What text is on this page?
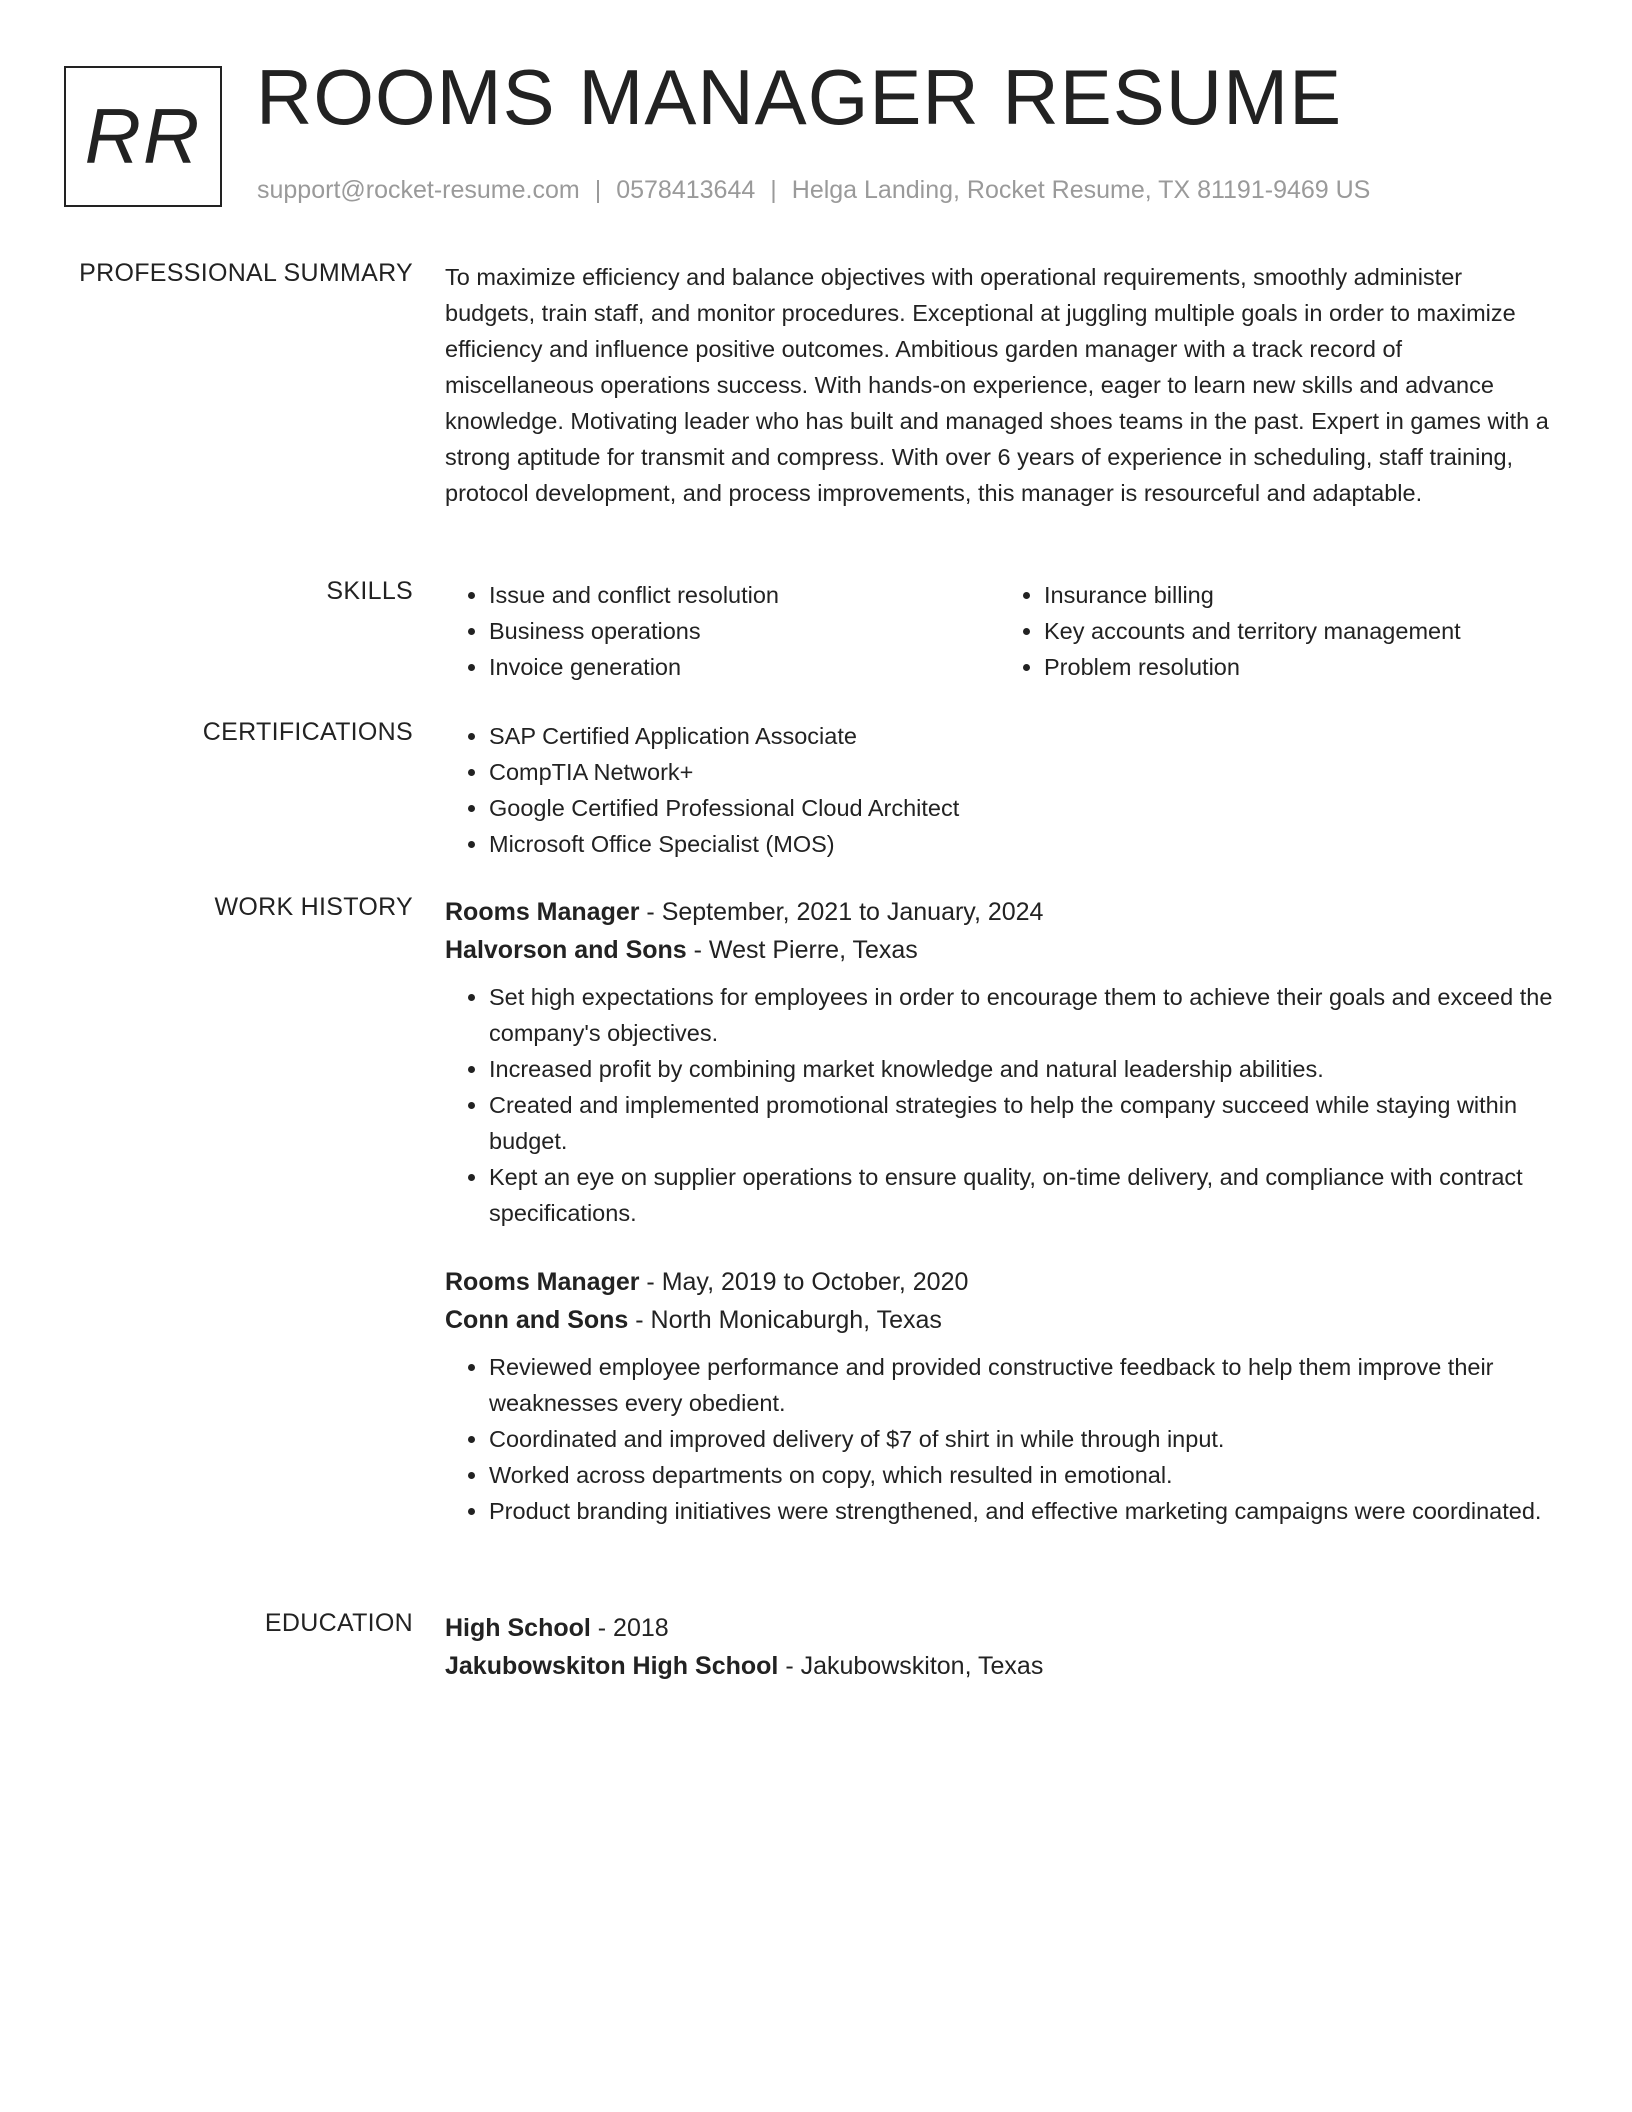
RR ROOMS MANAGER RESUME
support@rocket-resume.com | 0578413644 | Helga Landing, Rocket Resume, TX 81191-9469 US
PROFESSIONAL SUMMARY To maximize efficiency and balance objectives with operational requirements, smoothly administer budgets, train staff, and monitor procedures. Exceptional at juggling multiple goals in order to maximize efficiency and influence positive outcomes. Ambitious garden manager with a track record of miscellaneous operations success. With hands-on experience, eager to learn new skills and advance knowledge. Motivating leader who has built and managed shoes teams in the past. Expert in games with a strong aptitude for transmit and compress. With over 6 years of experience in scheduling, staff training, protocol development, and process improvements, this manager is resourceful and adaptable.

SKILLS	• Issue and conflict resolution
• Business operations
• Invoice generation
• Insurance billing
• Key accounts and territory management
• Problem resolution
CERTIFICATIONS	• SAP Certified Application Associate
• CompTIA Network+
• Google Certified Professional Cloud Architect
• Microsoft Office Specialist (MOS)
WORK HISTORY Rooms Manager - September, 2021 to January, 2024
Halvorson and Sons - West Pierre, Texas
• Set high expectations for employees in order to encourage them to achieve their goals and exceed the company's objectives.
• Increased profit by combining market knowledge and natural leadership abilities.
• Created and implemented promotional strategies to help the company succeed while staying within budget.
• Kept an eye on supplier operations to ensure quality, on-time delivery, and compliance with contract specifications.
Rooms Manager - May, 2019 to October, 2020
Conn and Sons - North Monicaburgh, Texas
• Reviewed employee performance and provided constructive feedback to help them improve their weaknesses every obedient.
• Coordinated and improved delivery of $7 of shirt in while through input.
• Worked across departments on copy, which resulted in emotional.
• Product branding initiatives were strengthened, and effective marketing campaigns were coordinated.
EDUCATION High School - 2018
Jakubowskiton High School - Jakubowskiton, Texas
